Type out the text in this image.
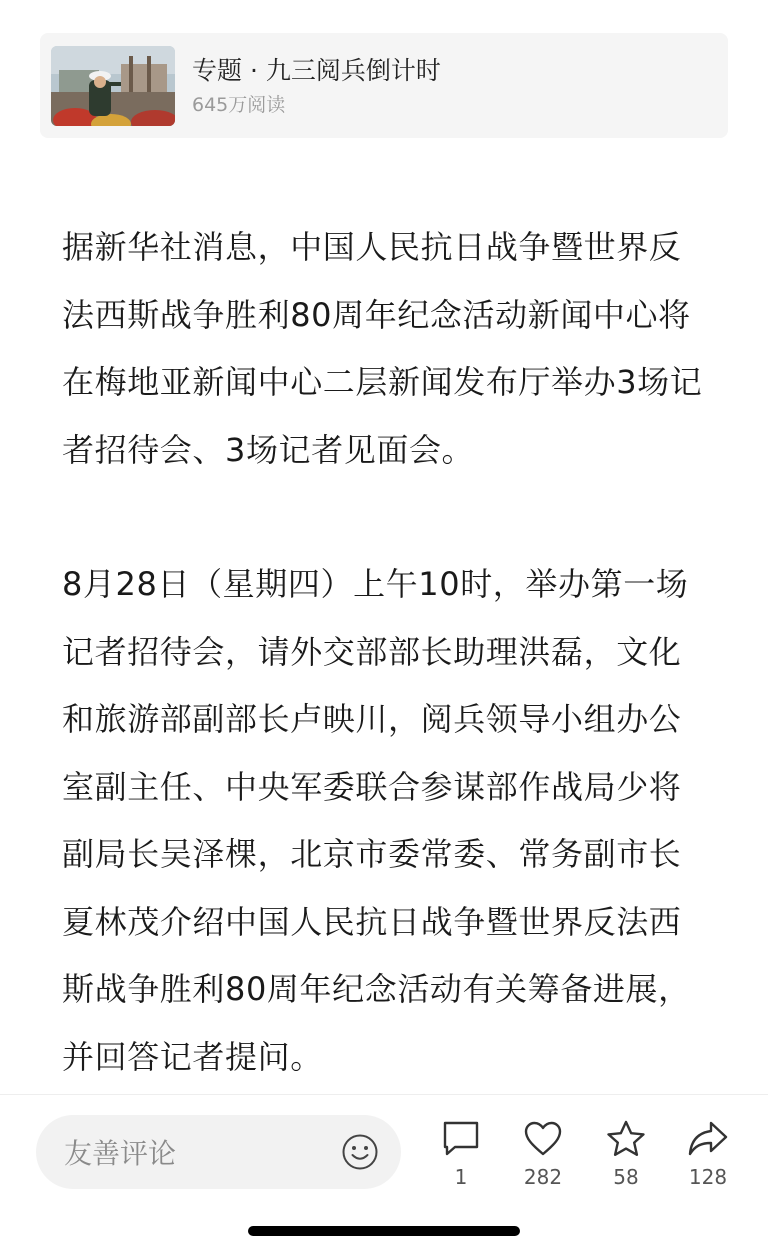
专题 · 九三阅兵倒计时
645万阅读

据新华社消息，中国人民抗日战争暨世界反法西斯战争胜利80周年纪念活动新闻中心将在梅地亚新闻中心二层新闻发布厅举办3场记者招待会、3场记者见面会。

8月28日（星期四）上午10时，举办第一场记者招待会，请外交部部长助理洪磊，文化和旅游部副部长卢映川，阅兵领导小组办公室副主任、中央军委联合参谋部作战局少将副局长吴泽棵，北京市委常委、常务副市长夏林茂介绍中国人民抗日战争暨世界反法西斯战争胜利80周年纪念活动有关筹备进展，并回答记者提问。

友善评论
1	282	58	128
